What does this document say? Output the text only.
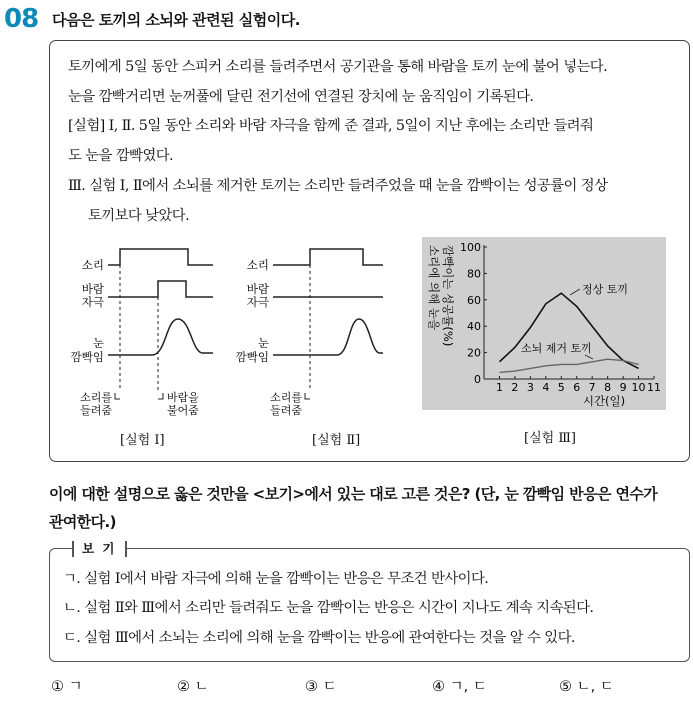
08 다음은 토끼의 소뇌와 관련된 실험이다.
토끼에게 5일 동안 스피커 소리를 들려주면서 공기관을 통해 바람을 토끼 눈에 불어 넣는다.
눈을 깜빡거리면 눈꺼풀에 달린 전기선에 연결된 장치에 눈 움직임이 기록된다.
[실험] Ⅰ, Ⅱ. 5일 동안 소리와 바람 자극을 함께 준 결과, 5일이 지난 후에는 소리만 들려줘
도 눈을 깜빡였다.
Ⅲ. 실험 Ⅰ, Ⅱ에서 소뇌를 제거한 토끼는 소리만 들려주었을 때 눈을 깜빡이는 성공률이 정상
토끼보다 낮았다.
소리
바람
자극
눈
깜빡임
소리를
들려줌
바람을
불어줌
[실험 Ⅰ]
소리
바람
자극
눈
깜빡임
소리를
들려줌
[실험 Ⅱ]
깜빡이는 성공률(%)
소리에 의해 눈을
1 2 3 4 5 6 7 8 9 10 11
0
20
40
60
80
100
시간(일)
정상 토끼
소뇌 제거 토끼
[실험 Ⅲ]
이에 대한 설명으로 옳은 것만을 <보기>에서 있는 대로 고른 것은? (단, 눈 깜빡임 반응은 연수가
관여한다.)
보 기
ㄱ. 실험 Ⅰ에서 바람 자극에 의해 눈을 깜빡이는 반응은 무조건 반사이다.
ㄴ. 실험 Ⅱ와 Ⅲ에서 소리만 들려줘도 눈을 깜빡이는 반응은 시간이 지나도 계속 지속된다.
ㄷ. 실험 Ⅲ에서 소뇌는 소리에 의해 눈을 깜빡이는 반응에 관여한다는 것을 알 수 있다.
① ㄱ	② ㄴ	③ ㄷ	④ ㄱ, ㄷ	⑤ ㄴ, ㄷ
